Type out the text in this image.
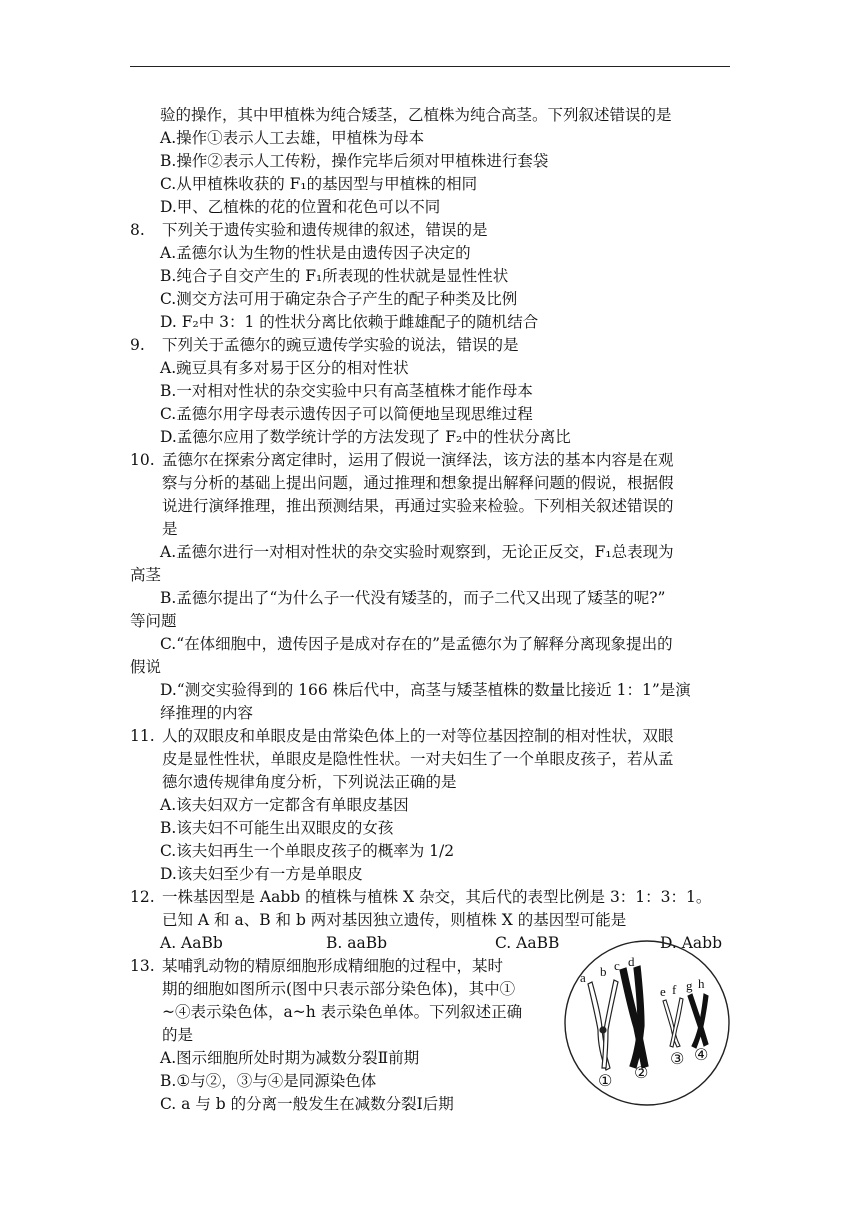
验的操作，其中甲植株为纯合矮茎，乙植株为纯合高茎。下列叙述错误的是
A.操作①表示人工去雄，甲植株为母本
B.操作②表示人工传粉，操作完毕后须对甲植株进行套袋
C.从甲植株收获的 F₁的基因型与甲植株的相同
D.甲、乙植株的花的位置和花色可以不同
8. 下列关于遗传实验和遗传规律的叙述，错误的是
A.孟德尔认为生物的性状是由遗传因子决定的
B.纯合子自交产生的 F₁所表现的性状就是显性性状
C.测交方法可用于确定杂合子产生的配子种类及比例
D. F₂中 3：1 的性状分离比依赖于雌雄配子的随机结合
9. 下列关于孟德尔的豌豆遗传学实验的说法，错误的是
A.豌豆具有多对易于区分的相对性状
B.一对相对性状的杂交实验中只有高茎植株才能作母本
C.孟德尔用字母表示遗传因子可以简便地呈现思维过程
D.孟德尔应用了数学统计学的方法发现了 F₂中的性状分离比
10. 孟德尔在探索分离定律时，运用了假说一演绎法，该方法的基本内容是在观
察与分析的基础上提出问题，通过推理和想象提出解释问题的假说，根据假
说进行演绎推理，推出预测结果，再通过实验来检验。下列相关叙述错误的
是
A.孟德尔进行一对相对性状的杂交实验时观察到，无论正反交，F₁总表现为
高茎
B.孟德尔提出了“为什么子一代没有矮茎的，而子二代又出现了矮茎的呢?”
等问题
C.“在体细胞中，遗传因子是成对存在的”是孟德尔为了解释分离现象提出的
假说
D.“测交实验得到的 166 株后代中，高茎与矮茎植株的数量比接近 1：1”是演
绎推理的内容
11. 人的双眼皮和单眼皮是由常染色体上的一对等位基因控制的相对性状，双眼
皮是显性性状，单眼皮是隐性性状。一对夫妇生了一个单眼皮孩子，若从孟
德尔遗传规律角度分析，下列说法正确的是
A.该夫妇双方一定都含有单眼皮基因
B.该夫妇不可能生出双眼皮的女孩
C.该夫妇再生一个单眼皮孩子的概率为 1/2
D.该夫妇至少有一方是单眼皮
12. 一株基因型是 Aabb 的植株与植株 X 杂交，其后代的表型比例是 3：1：3：1。
已知 A 和 a、B 和 b 两对基因独立遗传，则植株 X 的基因型可能是
A. AaBb	B. aaBb	C. AaBB	D. Aabb
13. 某哺乳动物的精原细胞形成精细胞的过程中，某时
期的细胞如图所示(图中只表示部分染色体)，其中①
~④表示染色体，a~h 表示染色单体。下列叙述正确
的是
A.图示细胞所处时期为减数分裂Ⅱ前期
B.①与②，③与④是同源染色体
C. a 与 b 的分离一般发生在减数分裂Ⅰ后期
a b c d
e f g h
① ②
③ ④
